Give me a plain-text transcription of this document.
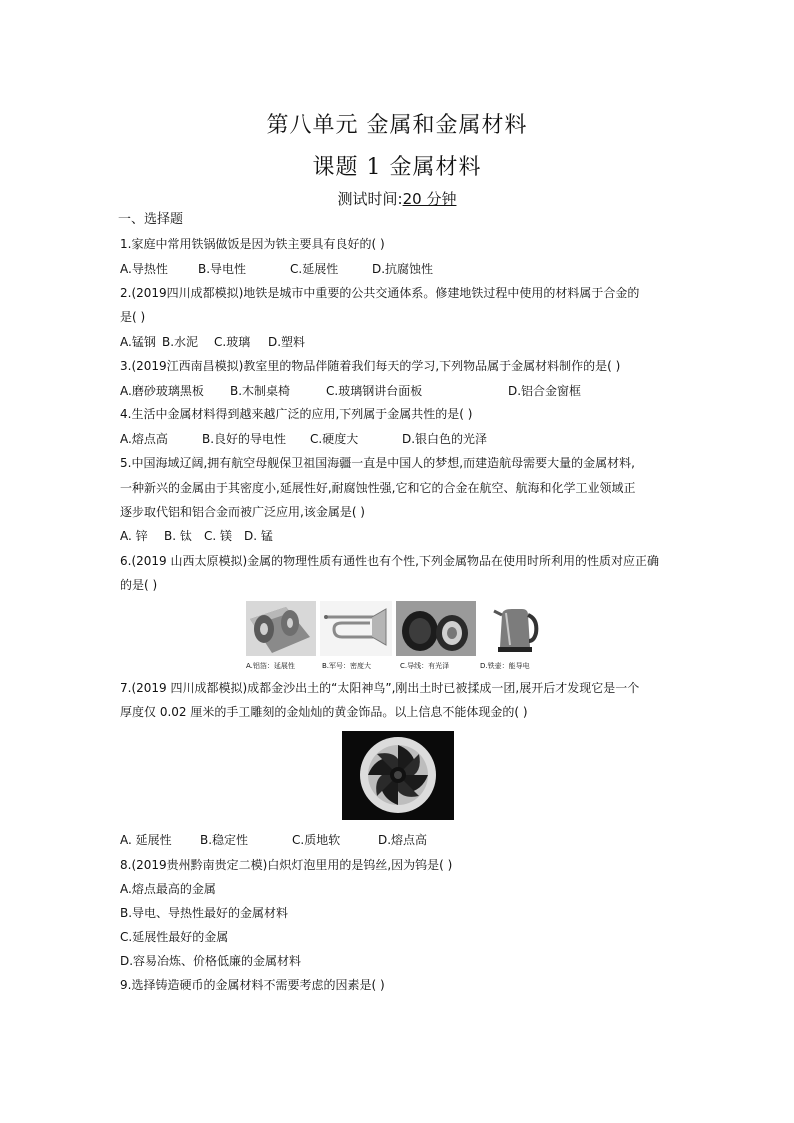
第八单元 金属和金属材料
课题 1 金属材料
测试时间:20 分钟
一、选择题
1.家庭中常用铁锅做饭是因为铁主要具有良好的( )
A.导热性	B.导电性	C.延展性	D.抗腐蚀性
2.(2019四川成都模拟)地铁是城市中重要的公共交通体系。修建地铁过程中使用的材料属于合金的
是( )
A.锰钢 B.水泥 C.玻璃 D.塑料
3.(2019江西南昌模拟)教室里的物品伴随着我们每天的学习,下列物品属于金属材料制作的是( )
A.磨砂玻璃黑板 B.木制桌椅	C.玻璃钢讲台面板	D.铝合金窗框
4.生活中金属材料得到越来越广泛的应用,下列属于金属共性的是( )
A.熔点高	B.良好的导电性 C.硬度大	D.银白色的光泽
5.中国海域辽阔,拥有航空母舰保卫祖国海疆一直是中国人的梦想,而建造航母需要大量的金属材料,
一种新兴的金属由于其密度小,延展性好,耐腐蚀性强,它和它的合金在航空、航海和化学工业领域正
逐步取代铝和铝合金而被广泛应用,该金属是( )
A. 锌 B. 钛 C. 镁 D. 锰
6.(2019 山西太原模拟)金属的物理性质有通性也有个性,下列金属物品在使用时所利用的性质对应正确
的是( )
A.铝箔：延展性	B.军号：密度大	C.导线：有光泽	D.铁壶：能导电
7.(2019 四川成都模拟)成都金沙出土的“太阳神鸟”,刚出土时已被揉成一团,展开后才发现它是一个
厚度仅 0.02 厘米的手工雕刻的金灿灿的黄金饰品。以上信息不能体现金的( )
A. 延展性 B.稳定性	C.质地软	D.熔点高
8.(2019贵州黔南贵定二模)白炽灯泡里用的是钨丝,因为钨是( )
A.熔点最高的金属
B.导电、导热性最好的金属材料
C.延展性最好的金属
D.容易冶炼、价格低廉的金属材料
9.选择铸造硬币的金属材料不需要考虑的因素是( )
